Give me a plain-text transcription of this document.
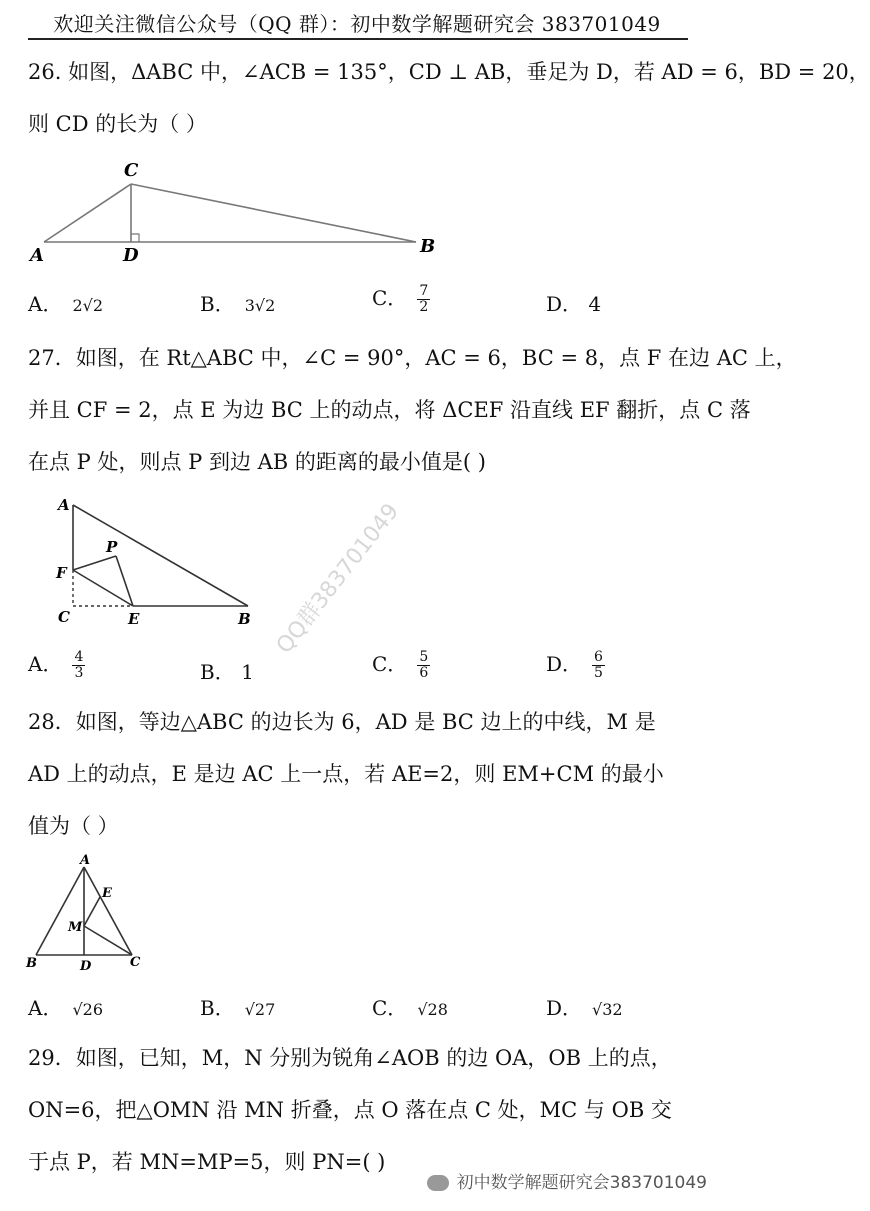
欢迎关注微信公众号（QQ 群）：初中数学解题研究会 383701049
26. 如图，ΔABC 中，∠ACB = 135°，CD ⊥ AB，垂足为 D，若 AD = 6，BD = 20，
则 CD 的长为（ ）
C
A	D	B
A． 2√2	B． 3√2	C． $\frac{7}{2}$	D． 4
27．如图，在 Rt△ABC 中，∠C = 90°，AC = 6，BC = 8，点 F 在边 AC 上，
并且 CF = 2，点 E 为边 BC 上的动点，将 ΔCEF 沿直线 EF 翻折，点 C 落
在点 P 处，则点 P 到边 AB 的距离的最小值是( )
A
P
F
C	E	B
A． $\frac{4}{3}$	B． 1	C． $\frac{5}{6}$	D． $\frac{6}{5}$
28．如图，等边△ABC 的边长为 6，AD 是 BC 边上的中线，M 是
AD 上的动点，E 是边 AC 上一点，若 AE=2，则 EM+CM 的最小
值为（ ）
A
E
M
B	D	C
A． √26	B． √27	C． √28	D． √32
29．如图，已知，M，N 分别为锐角∠AOB 的边 OA，OB 上的点，
ON=6，把△OMN 沿 MN 折叠，点 O 落在点 C 处，MC 与 OB 交
于点 P，若 MN=MP=5，则 PN=( )
QQ群383701049
初中数学解题研究会383701049
